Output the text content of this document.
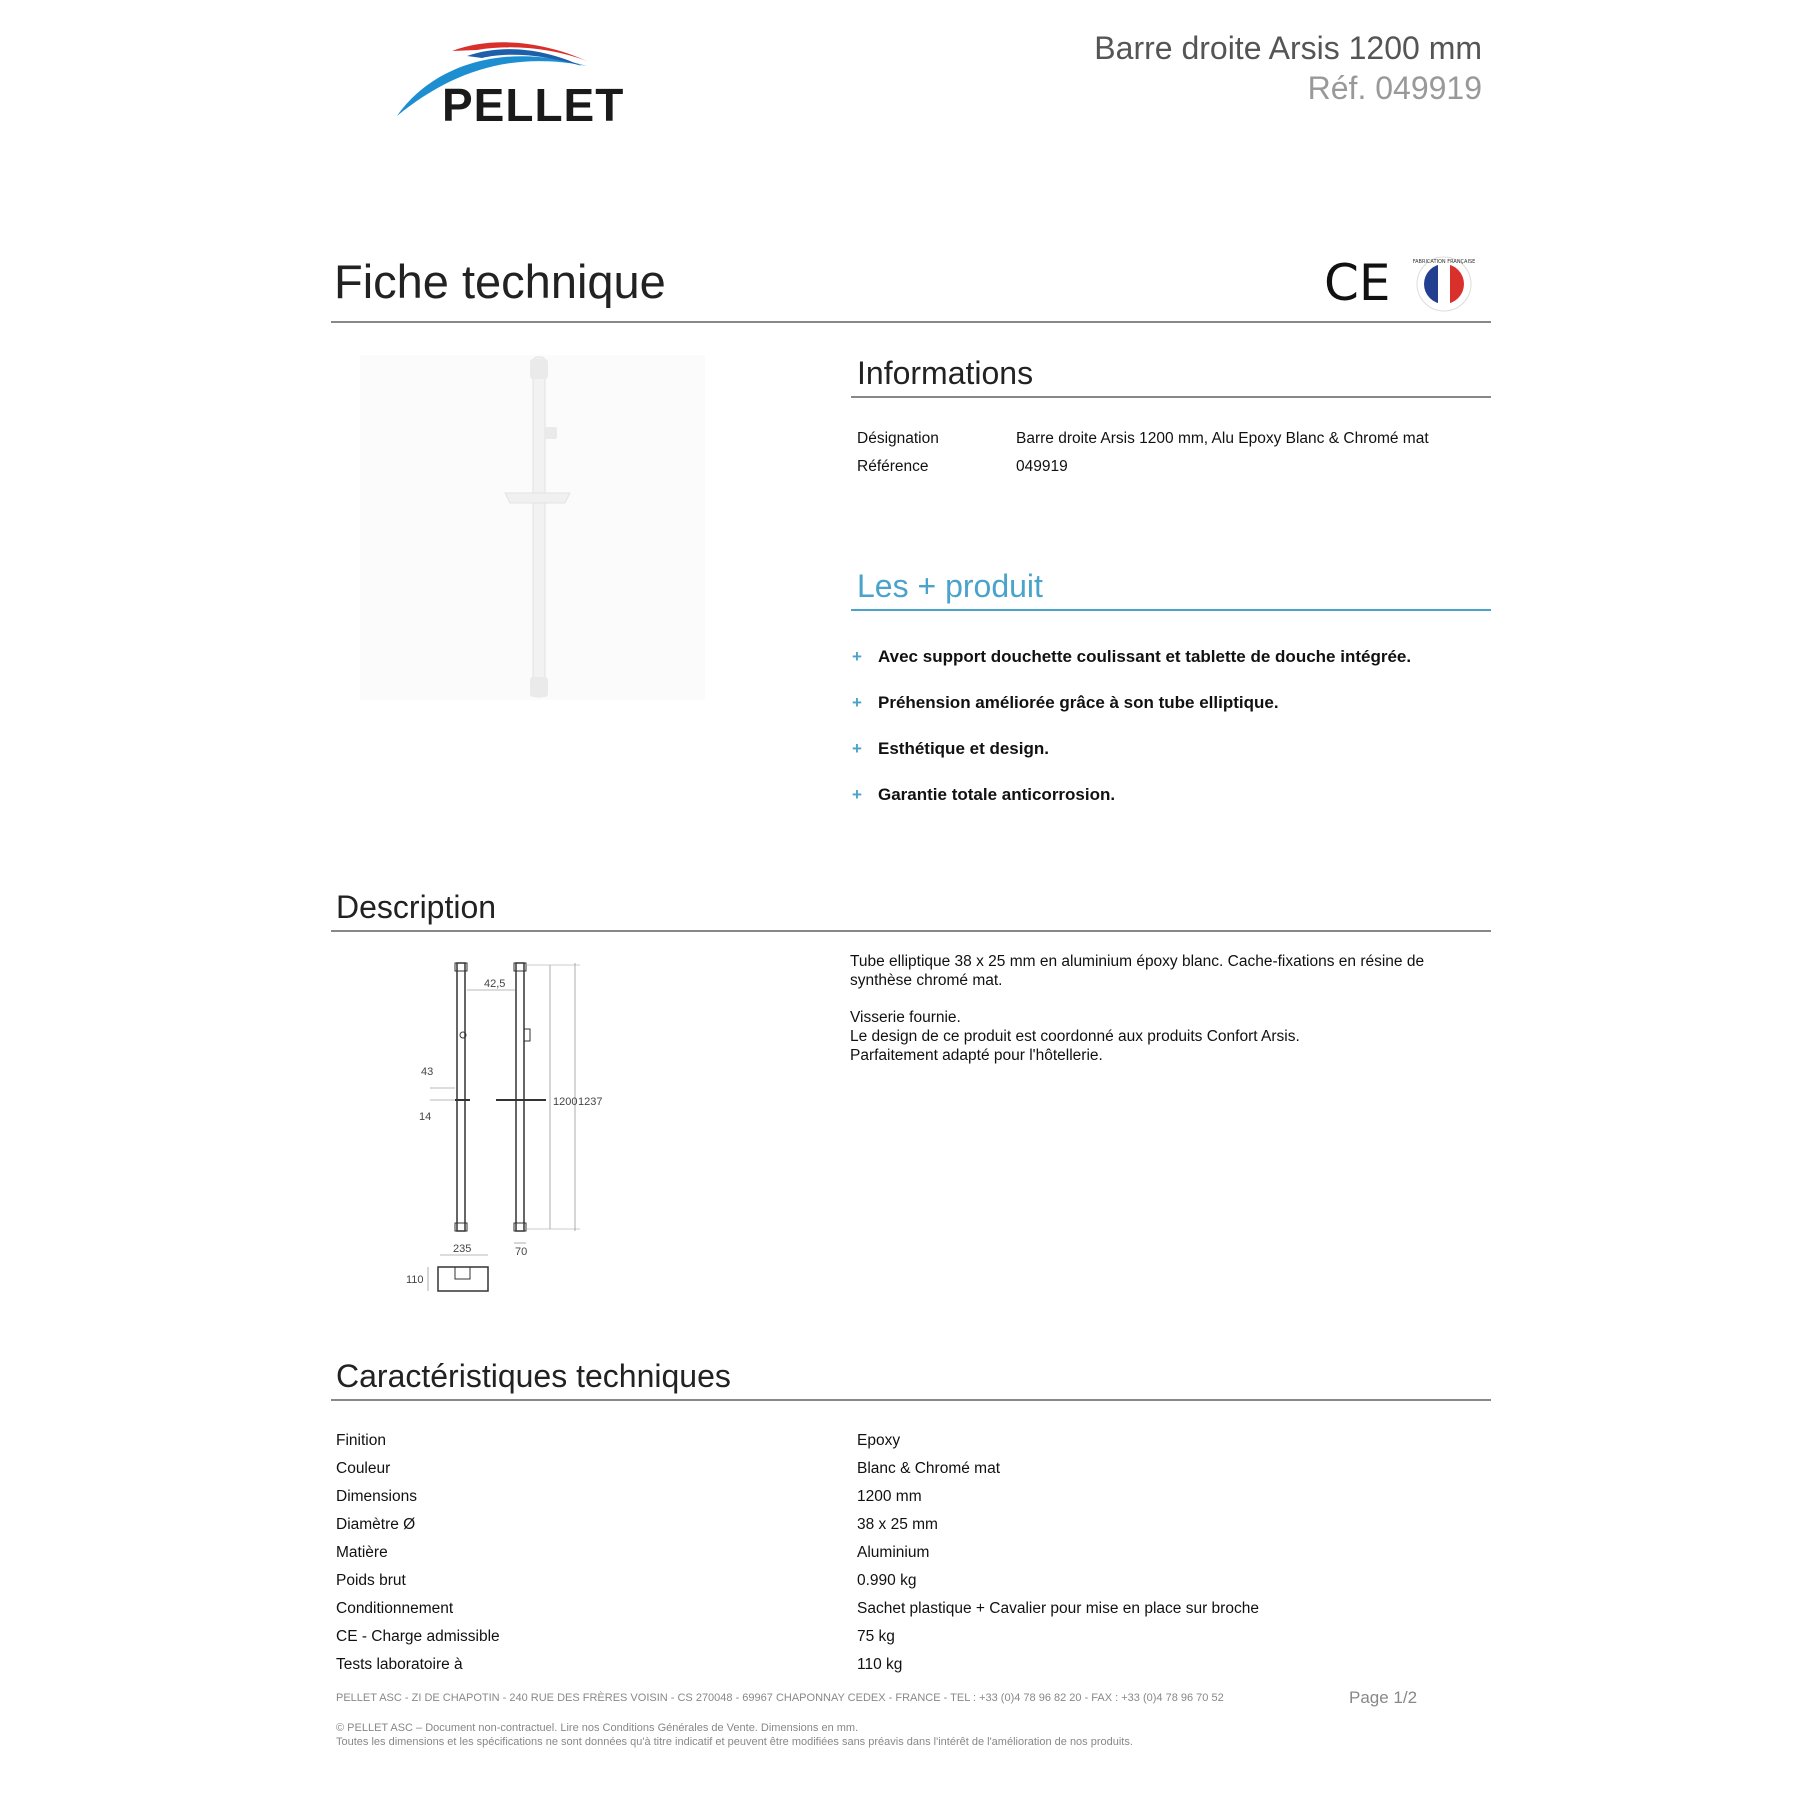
PELLET
Barre droite Arsis 1200 mm
Réf. 049919
Fiche technique	CE	FABRICATION FRANÇAISE
Informations
Désignation	Barre droite Arsis 1200 mm, Alu Epoxy Blanc & Chromé mat
Référence	049919
Les + produit
+ Avec support douchette coulissant et tablette de douche intégrée.
+ Préhension améliorée grâce à son tube elliptique.
+ Esthétique et design.
+ Garantie totale anticorrosion.
Description
42,5
43
14
1200 1237
235	70
110

Tube elliptique 38 x 25 mm en aluminium époxy blanc. Cache-fixations en résine de synthèse chromé mat.

Visserie fournie.
Le design de ce produit est coordonné aux produits Confort Arsis.
Parfaitement adapté pour l'hôtellerie.
Caractéristiques techniques
Finition	Epoxy
Couleur	Blanc & Chromé mat
Dimensions	1200 mm
Diamètre Ø	38 x 25 mm
Matière	Aluminium
Poids brut	0.990 kg
Conditionnement	Sachet plastique + Cavalier pour mise en place sur broche
CE - Charge admissible	75 kg
Tests laboratoire à	110 kg
PELLET ASC - ZI DE CHAPOTIN - 240 RUE DES FRÈRES VOISIN - CS 270048 - 69967 CHAPONNAY CEDEX - FRANCE - TEL : +33 (0)4 78 96 82 20 - FAX : +33 (0)4 78 96 70 52	Page 1/2
© PELLET ASC – Document non-contractuel. Lire nos Conditions Générales de Vente. Dimensions en mm.
Toutes les dimensions et les spécifications ne sont données qu'à titre indicatif et peuvent être modifiées sans préavis dans l'intérêt de l'amélioration de nos produits.
